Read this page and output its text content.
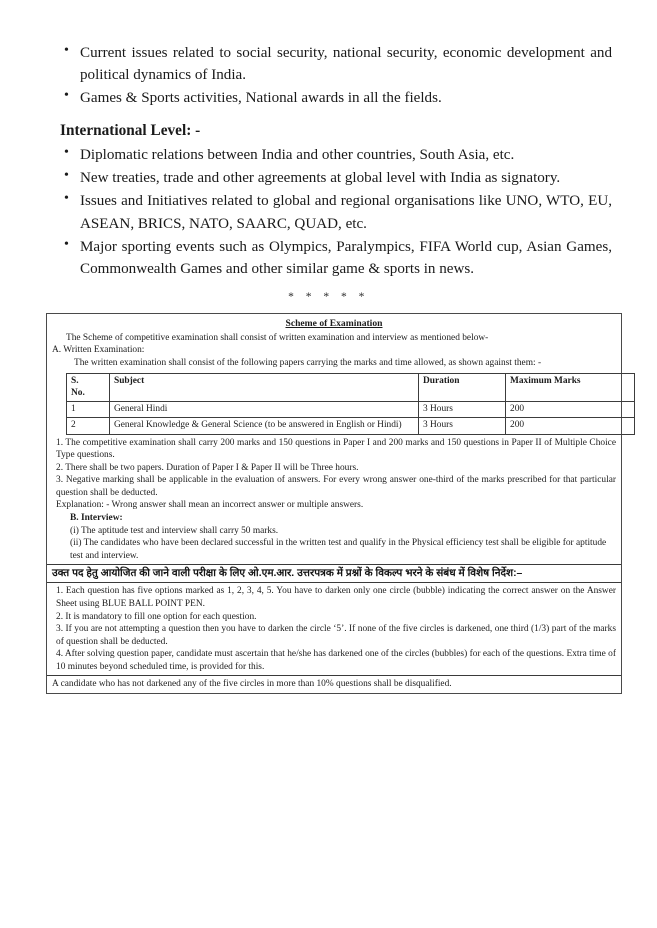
• Current issues related to social security, national security, economic development and political dynamics of India.
• Games & Sports activities, National awards in all the fields.
International Level: -
• Diplomatic relations between India and other countries, South Asia, etc.
• New treaties, trade and other agreements at global level with India as signatory.
• Issues and Initiatives related to global and regional organisations like UNO, WTO, EU, ASEAN, BRICS, NATO, SAARC, QUAD, etc.
• Major sporting events such as Olympics, Paralympics, FIFA World cup, Asian Games, Commonwealth Games and other similar game & sports in news.
* * * * *
Scheme of Examination
The Scheme of competitive examination shall consist of written examination and interview as mentioned below-
A. Written Examination:
The written examination shall consist of the following papers carrying the marks and time allowed, as shown against them: -
S.
No.	Subject	Duration	Maximum Marks
1	General Hindi	3 Hours	200
2	General Knowledge & General Science (to be answered in English or Hindi)	3 Hours	200
1. The competitive examination shall carry 200 marks and 150 questions in Paper I and 200 marks and 150 questions in Paper II of Multiple Choice Type questions.
2. There shall be two papers. Duration of Paper I & Paper II will be Three hours.
3. Negative marking shall be applicable in the evaluation of answers. For every wrong answer one-third of the marks prescribed for that particular question shall be deducted.
Explanation: - Wrong answer shall mean an incorrect answer or multiple answers.
B. Interview:
(i) The aptitude test and interview shall carry 50 marks.
(ii) The candidates who have been declared successful in the written test and qualify in the Physical efficiency test shall be eligible for aptitude test and interview.
उक्त पद हेतु आयोजित की जाने वाली परीक्षा के लिए ओ.एम.आर. उत्तरपत्रक में प्रश्नों के विकल्प भरने के संबंध में विशेष निर्देश:–
1. Each question has five options marked as 1, 2, 3, 4, 5. You have to darken only one circle (bubble) indicating the correct answer on the Answer Sheet using BLUE BALL POINT PEN.
2. It is mandatory to fill one option for each question.
3. If you are not attempting a question then you have to darken the circle ‘5’. If none of the five circles is darkened, one third (1/3) part of the marks of question shall be deducted.
4. After solving question paper, candidate must ascertain that he/she has darkened one of the circles (bubbles) for each of the questions. Extra time of 10 minutes beyond scheduled time, is provided for this.
A candidate who has not darkened any of the five circles in more than 10% questions shall be disqualified.
